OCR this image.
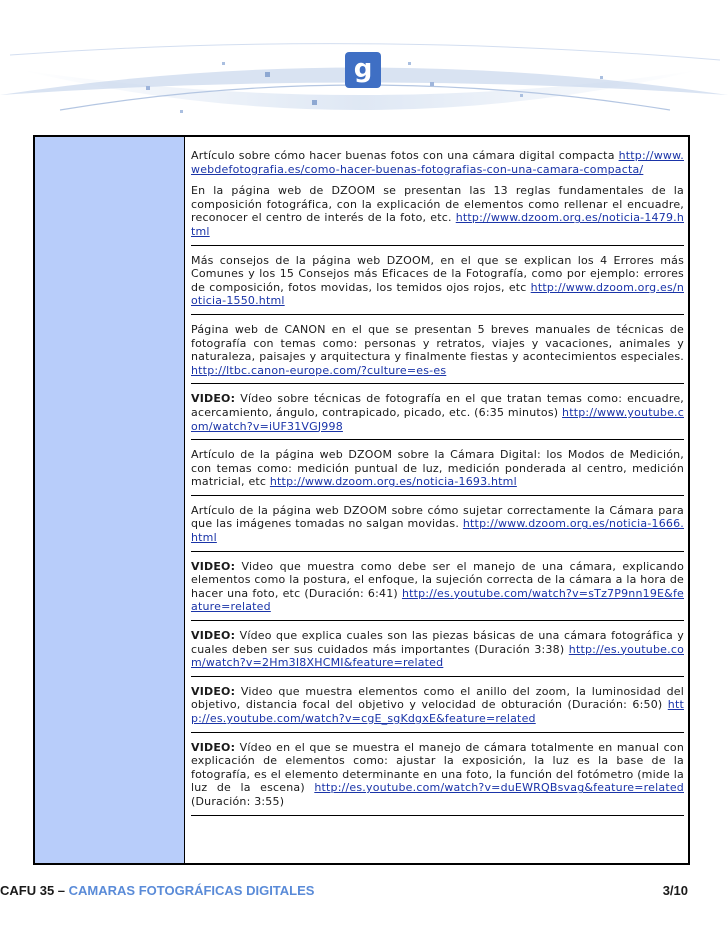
g
Artículo sobre cómo hacer buenas fotos con una cámara digital compacta http://www.webdefotografia.es/como-hacer-buenas-fotografias-con-una-camara-compacta/
En la página web de DZOOM se presentan las 13 reglas fundamentales de la composición fotográfica, con la explicación de elementos como rellenar el encuadre, reconocer el centro de interés de la foto, etc. http://www.dzoom.org.es/noticia-1479.html
Más consejos de la página web DZOOM, en el que se explican los 4 Errores más Comunes y los 15 Consejos más Eficaces de la Fotografía, como por ejemplo: errores de composición, fotos movidas, los temidos ojos rojos, etc http://www.dzoom.org.es/noticia-1550.html
Página web de CANON en el que se presentan 5 breves manuales de técnicas de fotografía con temas como: personas y retratos, viajes y vacaciones, animales y naturaleza, paisajes y arquitectura y finalmente fiestas y acontecimientos especiales. http://ltbc.canon-europe.com/?culture=es-es
VIDEO: Vídeo sobre técnicas de fotografía en el que tratan temas como: encuadre, acercamiento, ángulo, contrapicado, picado, etc. (6:35 minutos) http://www.youtube.com/watch?v=iUF31VGJ998
Artículo de la página web DZOOM sobre la Cámara Digital: los Modos de Medición, con temas como: medición puntual de luz, medición ponderada al centro, medición matricial, etc http://www.dzoom.org.es/noticia-1693.html
Artículo de la página web DZOOM sobre cómo sujetar correctamente la Cámara para que las imágenes tomadas no salgan movidas. http://www.dzoom.org.es/noticia-1666.html
VIDEO: Video que muestra como debe ser el manejo de una cámara, explicando elementos como la postura, el enfoque, la sujeción correcta de la cámara a la hora de hacer una foto, etc (Duración: 6:41) http://es.youtube.com/watch?v=sTz7P9nn19E&feature=related
VIDEO: Vídeo que explica cuales son las piezas básicas de una cámara fotográfica y cuales deben ser sus cuidados más importantes (Duración 3:38) http://es.youtube.com/watch?v=2Hm3I8XHCMI&feature=related
VIDEO: Video que muestra elementos como el anillo del zoom, la luminosidad del objetivo, distancia focal del objetivo y velocidad de obturación (Duración: 6:50) http://es.youtube.com/watch?v=cgE_sgKdgxE&feature=related
VIDEO: Vídeo en el que se muestra el manejo de cámara totalmente en manual con explicación de elementos como: ajustar la exposición, la luz es la base de la fotografía, es el elemento determinante en una foto, la función del fotómetro (mide la luz de la escena) http://es.youtube.com/watch?v=duEWRQBsvag&feature=related (Duración: 3:55)
CAFU 35 – CAMARAS FOTOGRÁFICAS DIGITALES	3/10
